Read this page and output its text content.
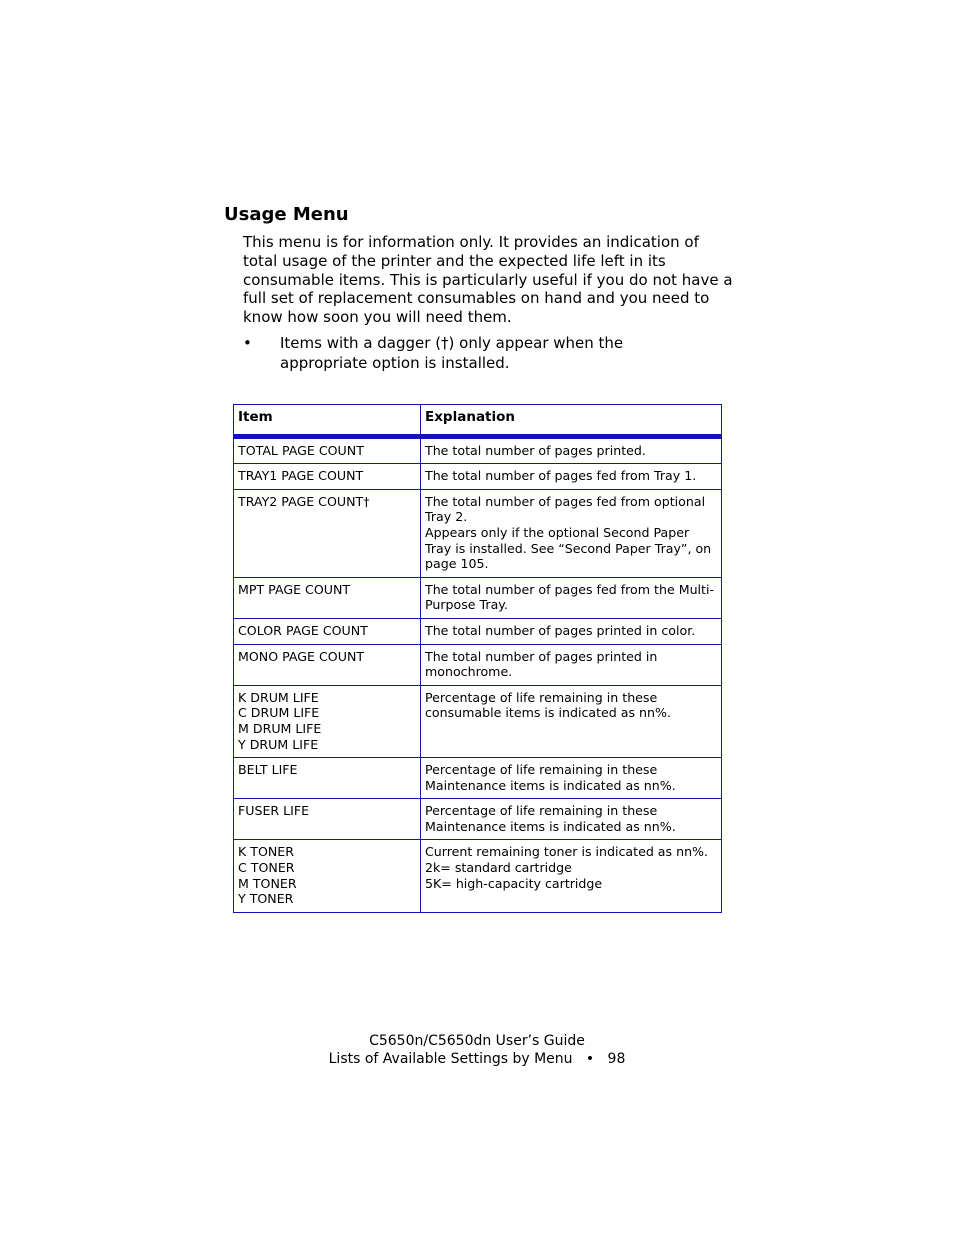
Usage Menu

This menu is for information only. It provides an indication of total usage of the printer and the expected life left in its consumable items. This is particularly useful if you do not have a full set of replacement consumables on hand and you need to know how soon you will need them.

•	Items with a dagger (†) only appear when the appropriate option is installed.
Item	Explanation
TOTAL PAGE COUNT	The total number of pages printed.
TRAY1 PAGE COUNT	The total number of pages fed from Tray 1.
TRAY2 PAGE COUNT†	The total number of pages fed from optional Tray 2.
Appears only if the optional Second Paper Tray is installed. See “Second Paper Tray”, on page 105.
MPT PAGE COUNT	The total number of pages fed from the Multi-Purpose Tray.
COLOR PAGE COUNT	The total number of pages printed in color.
MONO PAGE COUNT	The total number of pages printed in monochrome.
K DRUM LIFE
C DRUM LIFE
M DRUM LIFE
Y DRUM LIFE	Percentage of life remaining in these consumable items is indicated as nn%.
BELT LIFE	Percentage of life remaining in these Maintenance items is indicated as nn%.
FUSER LIFE	Percentage of life remaining in these Maintenance items is indicated as nn%.
K TONER
C TONER
M TONER
Y TONER	Current remaining toner is indicated as nn%.
2k= standard cartridge
5K= high-capacity cartridge
C5650n/C5650dn User’s Guide
Lists of Available Settings by Menu • 98
